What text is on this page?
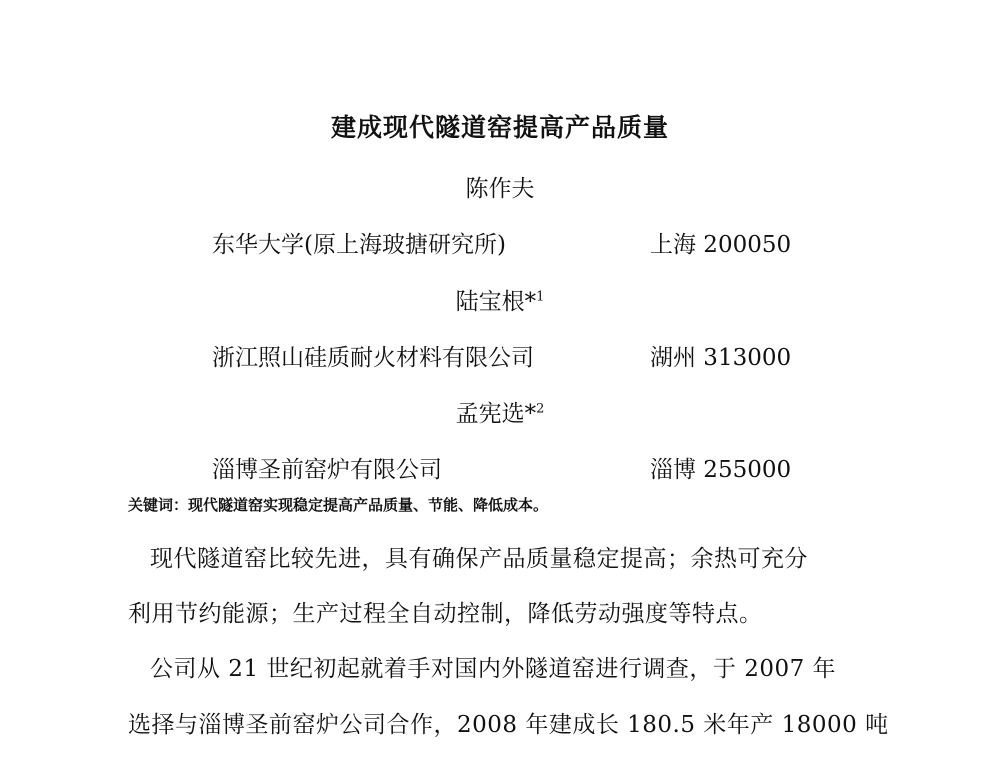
建成现代隧道窑提高产品质量
陈作夫
东华大学(原上海玻搪研究所)	上海 200050
陆宝根*$^1$
浙江照山硅质耐火材料有限公司	湖州 313000
孟宪选*$^2$
淄博圣前窑炉有限公司	淄博 255000
关键词：现代隧道窑实现稳定提高产品质量、节能、降低成本。
现代隧道窑比较先进，具有确保产品质量稳定提高；余热可充分
利用节约能源；生产过程全自动控制，降低劳动强度等特点。
公司从 21 世纪初起就着手对国内外隧道窑进行调查，于 2007 年
选择与淄博圣前窑炉公司合作，2008 年建成长 180.5 米年产 18000 吨
